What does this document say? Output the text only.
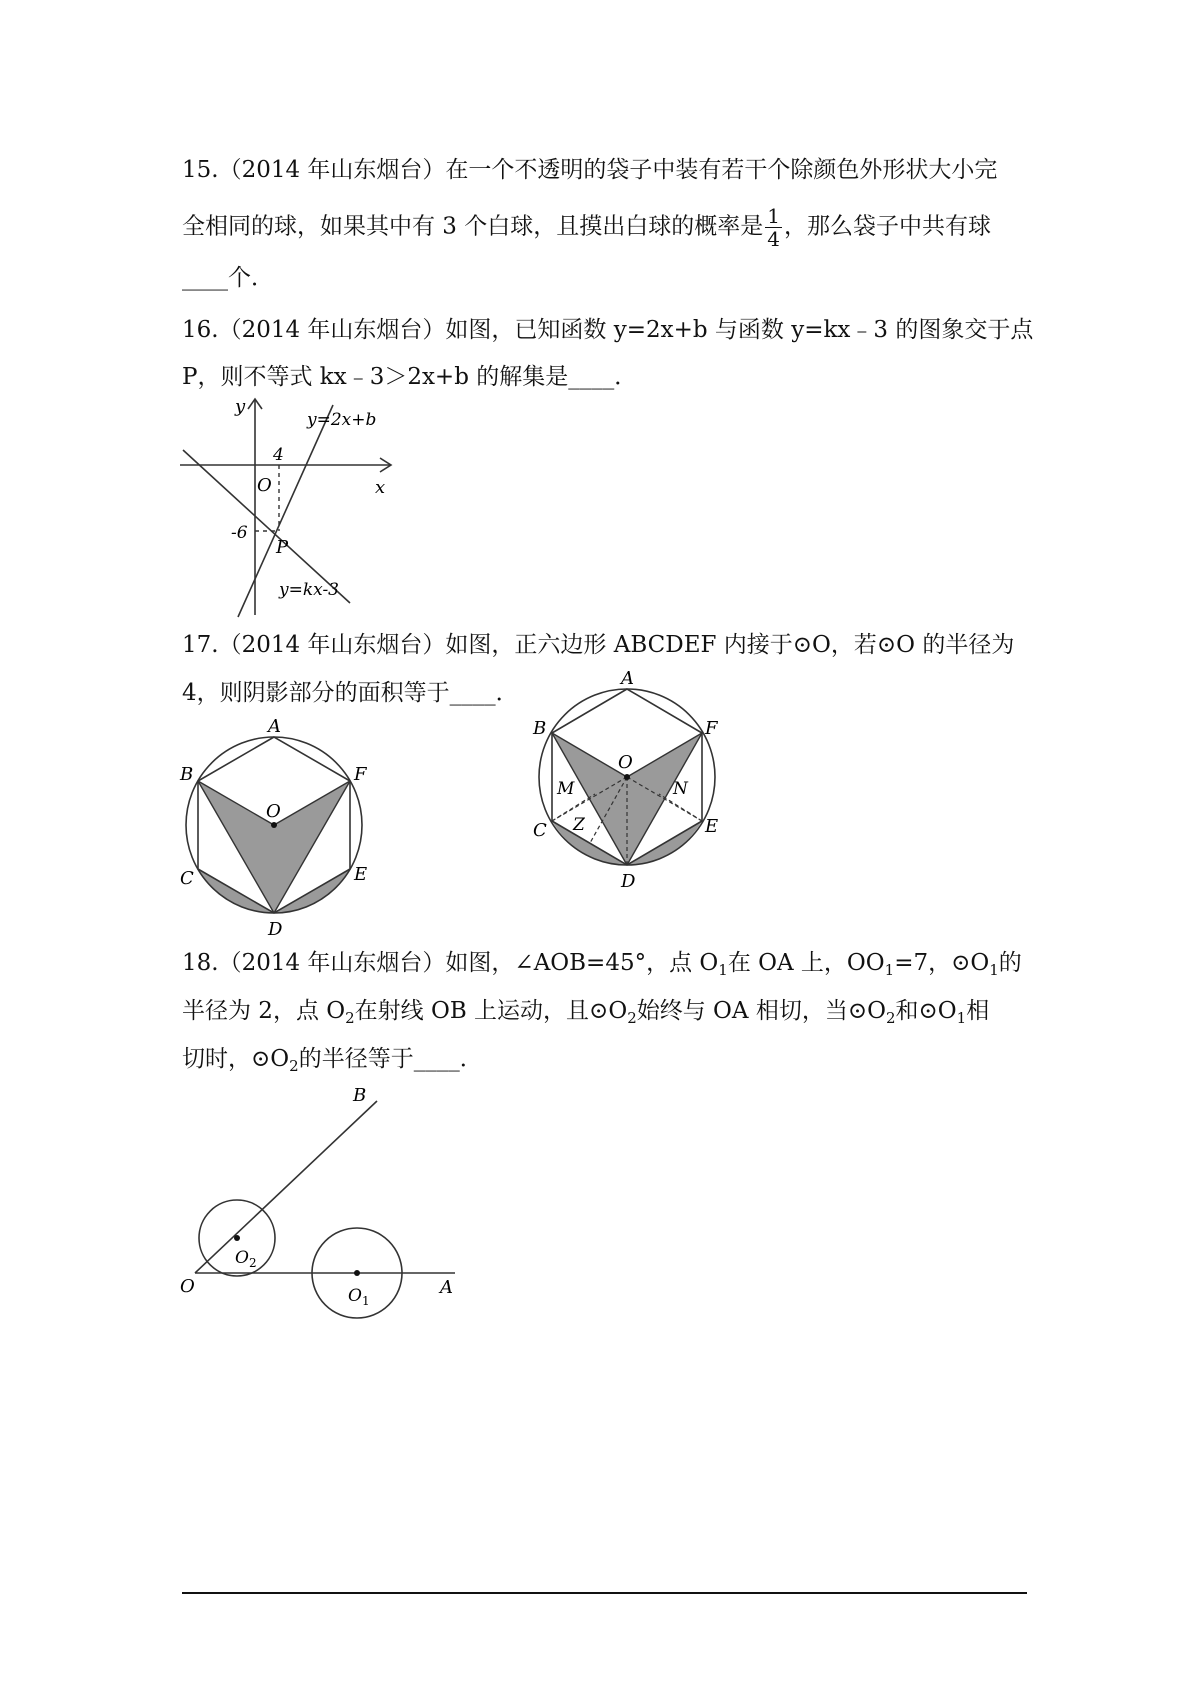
15.（2014 年山东烟台）在一个不透明的袋子中装有若干个除颜色外形状大小完
全相同的球，如果其中有 3 个白球，且摸出白球的概率是 $\frac{1}{4}$ ，那么袋子中共有球
____个．
16.（2014 年山东烟台）如图，已知函数 y=2x+b 与函数 y=kx﹣3 的图象交于点
P，则不等式 kx﹣3＞2x+b 的解集是____．
y
x
O
4
-6
P
y=2x+b
y=kx-3
17.（2014 年山东烟台）如图，正六边形 ABCDEF 内接于⊙O，若⊙O 的半径为
4，则阴影部分的面积等于____．
A
B
C
D
E
F
O
A
B
C
D
E
F
O
M	N
Z
18.（2014 年山东烟台）如图，∠AOB=45°，点 $O_1$在 OA 上，$OO_1=7$，$⊙O_1$的
半径为 2，点 $O_2$在射线 OB 上运动，且$⊙O_2$始终与 OA 相切，当$⊙O_2$和$⊙O_1$相
切时，$⊙O_2$的半径等于____．
B
O	A
$O_2$
$O_1$
